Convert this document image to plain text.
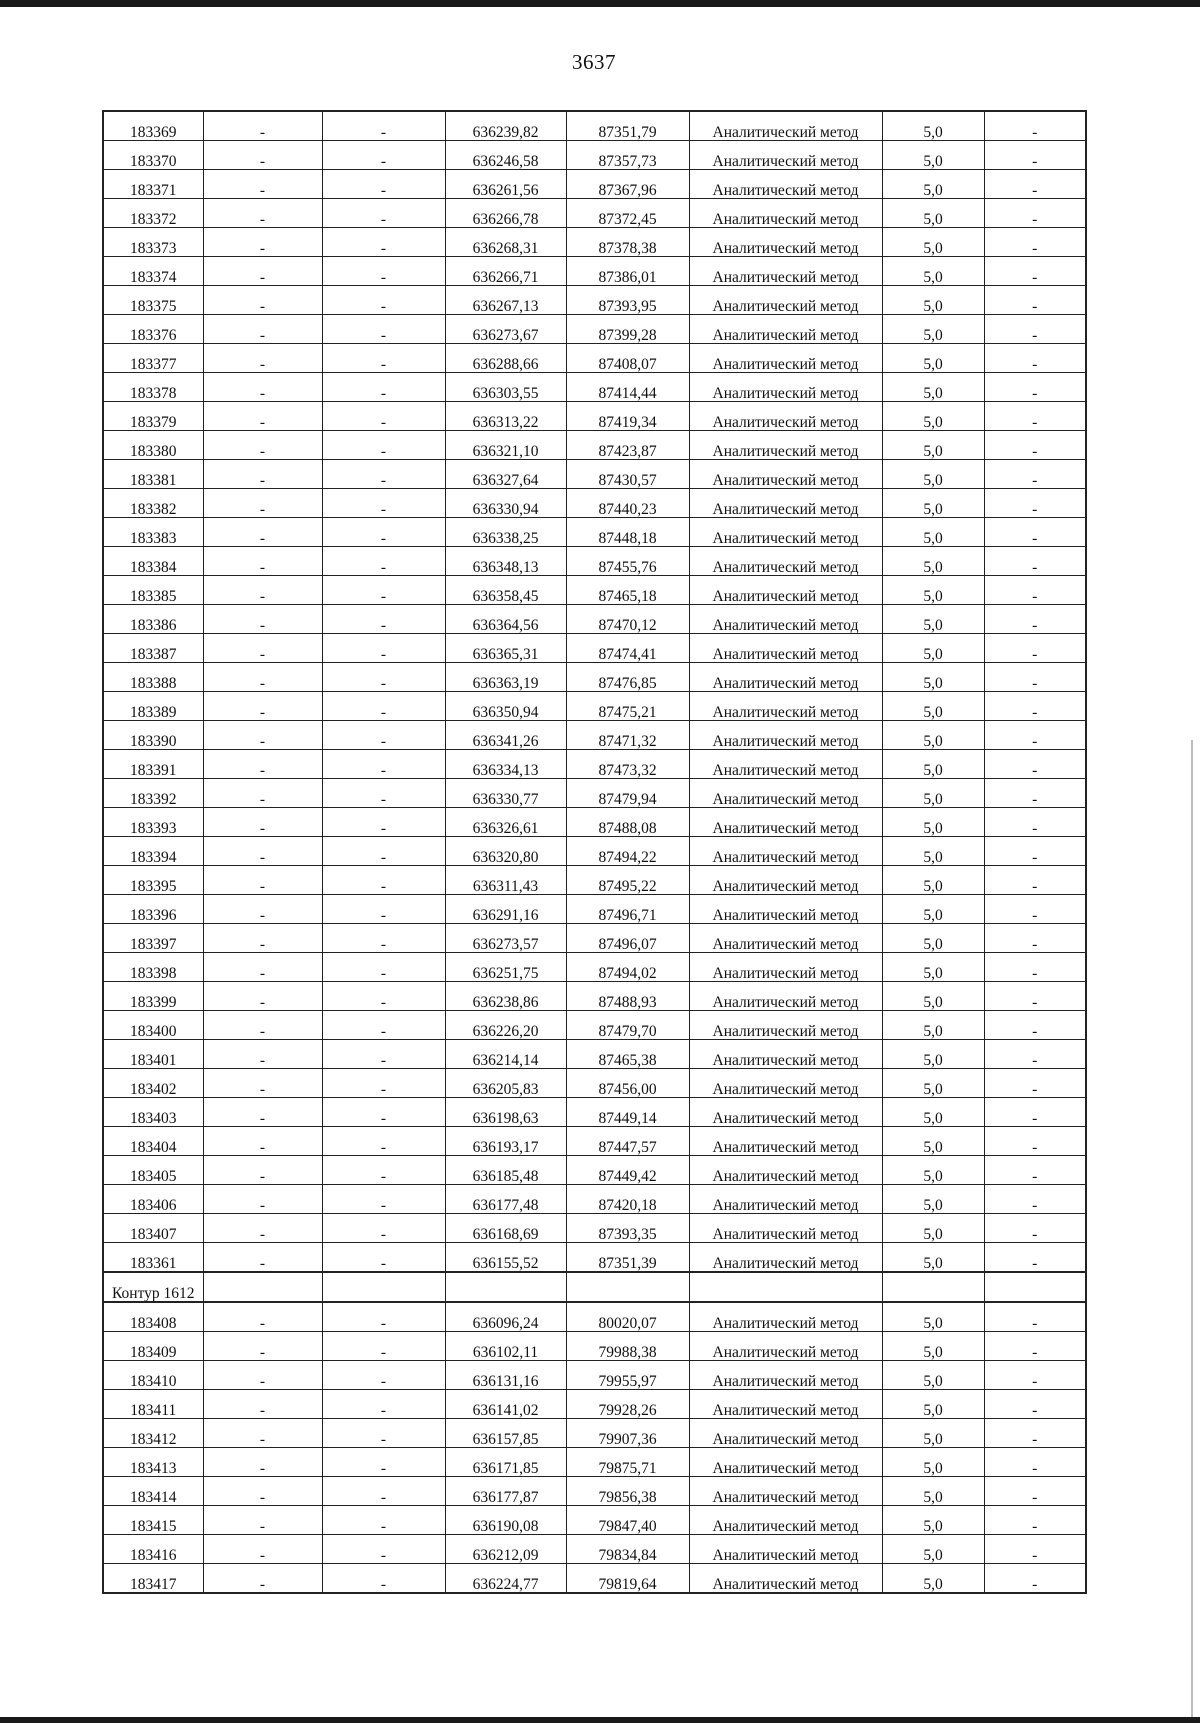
3637
183369	-	-	636239,82	87351,79	Аналитический метод	5,0	-
183370	-	-	636246,58	87357,73	Аналитический метод	5,0	-
183371	-	-	636261,56	87367,96	Аналитический метод	5,0	-
183372	-	-	636266,78	87372,45	Аналитический метод	5,0	-
183373	-	-	636268,31	87378,38	Аналитический метод	5,0	-
183374	-	-	636266,71	87386,01	Аналитический метод	5,0	-
183375	-	-	636267,13	87393,95	Аналитический метод	5,0	-
183376	-	-	636273,67	87399,28	Аналитический метод	5,0	-
183377	-	-	636288,66	87408,07	Аналитический метод	5,0	-
183378	-	-	636303,55	87414,44	Аналитический метод	5,0	-
183379	-	-	636313,22	87419,34	Аналитический метод	5,0	-
183380	-	-	636321,10	87423,87	Аналитический метод	5,0	-
183381	-	-	636327,64	87430,57	Аналитический метод	5,0	-
183382	-	-	636330,94	87440,23	Аналитический метод	5,0	-
183383	-	-	636338,25	87448,18	Аналитический метод	5,0	-
183384	-	-	636348,13	87455,76	Аналитический метод	5,0	-
183385	-	-	636358,45	87465,18	Аналитический метод	5,0	-
183386	-	-	636364,56	87470,12	Аналитический метод	5,0	-
183387	-	-	636365,31	87474,41	Аналитический метод	5,0	-
183388	-	-	636363,19	87476,85	Аналитический метод	5,0	-
183389	-	-	636350,94	87475,21	Аналитический метод	5,0	-
183390	-	-	636341,26	87471,32	Аналитический метод	5,0	-
183391	-	-	636334,13	87473,32	Аналитический метод	5,0	-
183392	-	-	636330,77	87479,94	Аналитический метод	5,0	-
183393	-	-	636326,61	87488,08	Аналитический метод	5,0	-
183394	-	-	636320,80	87494,22	Аналитический метод	5,0	-
183395	-	-	636311,43	87495,22	Аналитический метод	5,0	-
183396	-	-	636291,16	87496,71	Аналитический метод	5,0	-
183397	-	-	636273,57	87496,07	Аналитический метод	5,0	-
183398	-	-	636251,75	87494,02	Аналитический метод	5,0	-
183399	-	-	636238,86	87488,93	Аналитический метод	5,0	-
183400	-	-	636226,20	87479,70	Аналитический метод	5,0	-
183401	-	-	636214,14	87465,38	Аналитический метод	5,0	-
183402	-	-	636205,83	87456,00	Аналитический метод	5,0	-
183403	-	-	636198,63	87449,14	Аналитический метод	5,0	-
183404	-	-	636193,17	87447,57	Аналитический метод	5,0	-
183405	-	-	636185,48	87449,42	Аналитический метод	5,0	-
183406	-	-	636177,48	87420,18	Аналитический метод	5,0	-
183407	-	-	636168,69	87393,35	Аналитический метод	5,0	-
183361	-	-	636155,52	87351,39	Аналитический метод	5,0	-
Контур 1612							
183408	-	-	636096,24	80020,07	Аналитический метод	5,0	-
183409	-	-	636102,11	79988,38	Аналитический метод	5,0	-
183410	-	-	636131,16	79955,97	Аналитический метод	5,0	-
183411	-	-	636141,02	79928,26	Аналитический метод	5,0	-
183412	-	-	636157,85	79907,36	Аналитический метод	5,0	-
183413	-	-	636171,85	79875,71	Аналитический метод	5,0	-
183414	-	-	636177,87	79856,38	Аналитический метод	5,0	-
183415	-	-	636190,08	79847,40	Аналитический метод	5,0	-
183416	-	-	636212,09	79834,84	Аналитический метод	5,0	-
183417	-	-	636224,77	79819,64	Аналитический метод	5,0	-
